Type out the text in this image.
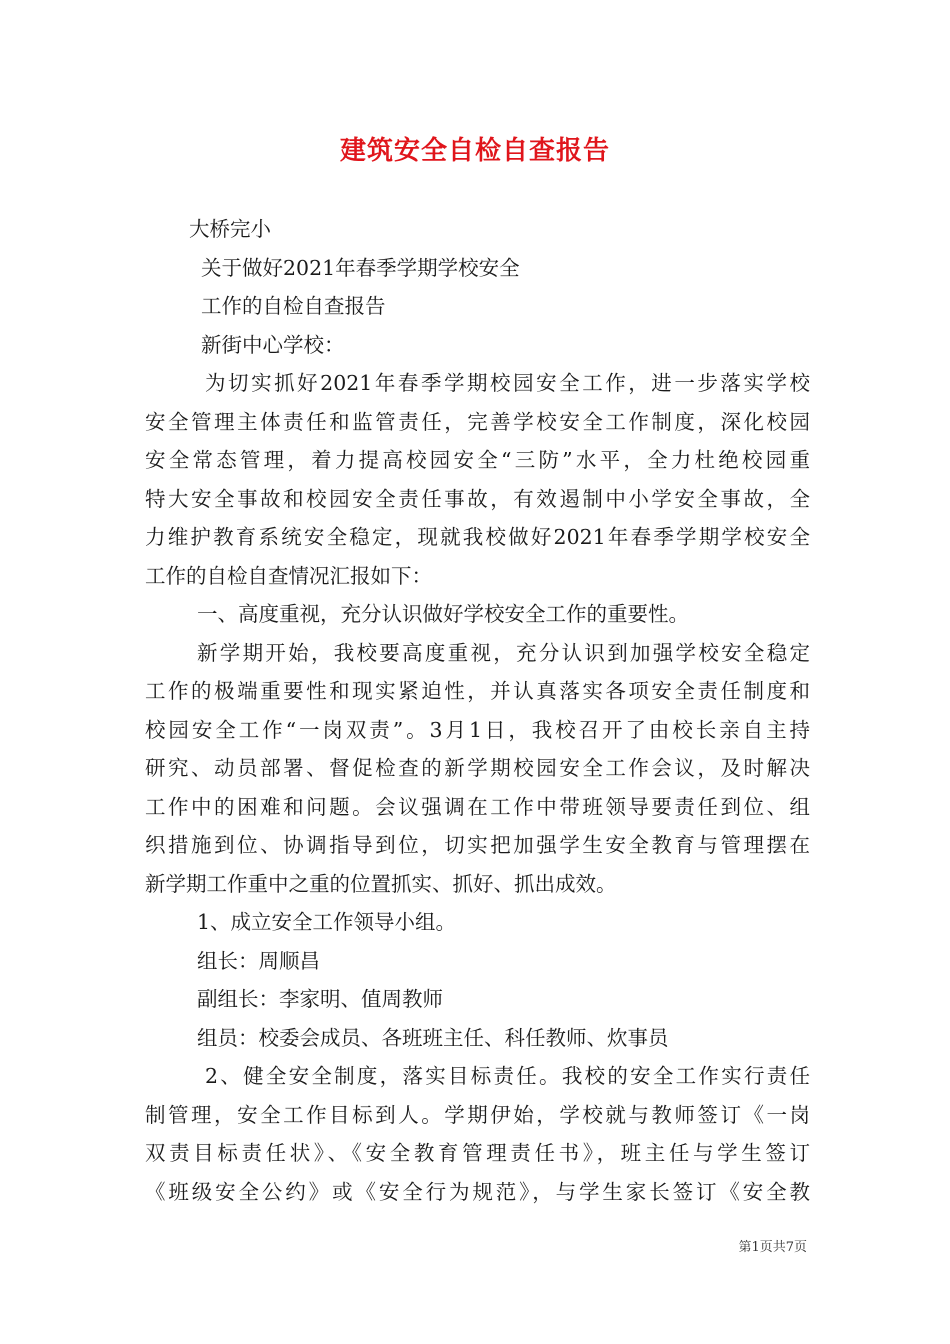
建筑安全自检自查报告
大桥完小
关于做好2021年春季学期学校安全
工作的自检自查报告
新街中心学校：
为切实抓好2021年春季学期校园安全工作，进一步落实学校
安全管理主体责任和监管责任，完善学校安全工作制度，深化校园
安全常态管理，着力提高校园安全“三防”水平，全力杜绝校园重
特大安全事故和校园安全责任事故，有效遏制中小学安全事故，全
力维护教育系统安全稳定，现就我校做好2021年春季学期学校安全
工作的自检自查情况汇报如下：
一、高度重视，充分认识做好学校安全工作的重要性。
新学期开始，我校要高度重视，充分认识到加强学校安全稳定
工作的极端重要性和现实紧迫性，并认真落实各项安全责任制度和
校园安全工作“一岗双责”。3月1日，我校召开了由校长亲自主持
研究、动员部署、督促检查的新学期校园安全工作会议，及时解决
工作中的困难和问题。会议强调在工作中带班领导要责任到位、组
织措施到位、协调指导到位，切实把加强学生安全教育与管理摆在
新学期工作重中之重的位置抓实、抓好、抓出成效。
1、成立安全工作领导小组。
组长：周顺昌
副组长：李家明、值周教师
组员：校委会成员、各班班主任、科任教师、炊事员
2、健全安全制度，落实目标责任。我校的安全工作实行责任
制管理，安全工作目标到人。学期伊始，学校就与教师签订《一岗
双责目标责任状》、《安全教育管理责任书》，班主任与学生签订
《班级安全公约》或《安全行为规范》，与学生家长签订《安全教
第1页共7页
